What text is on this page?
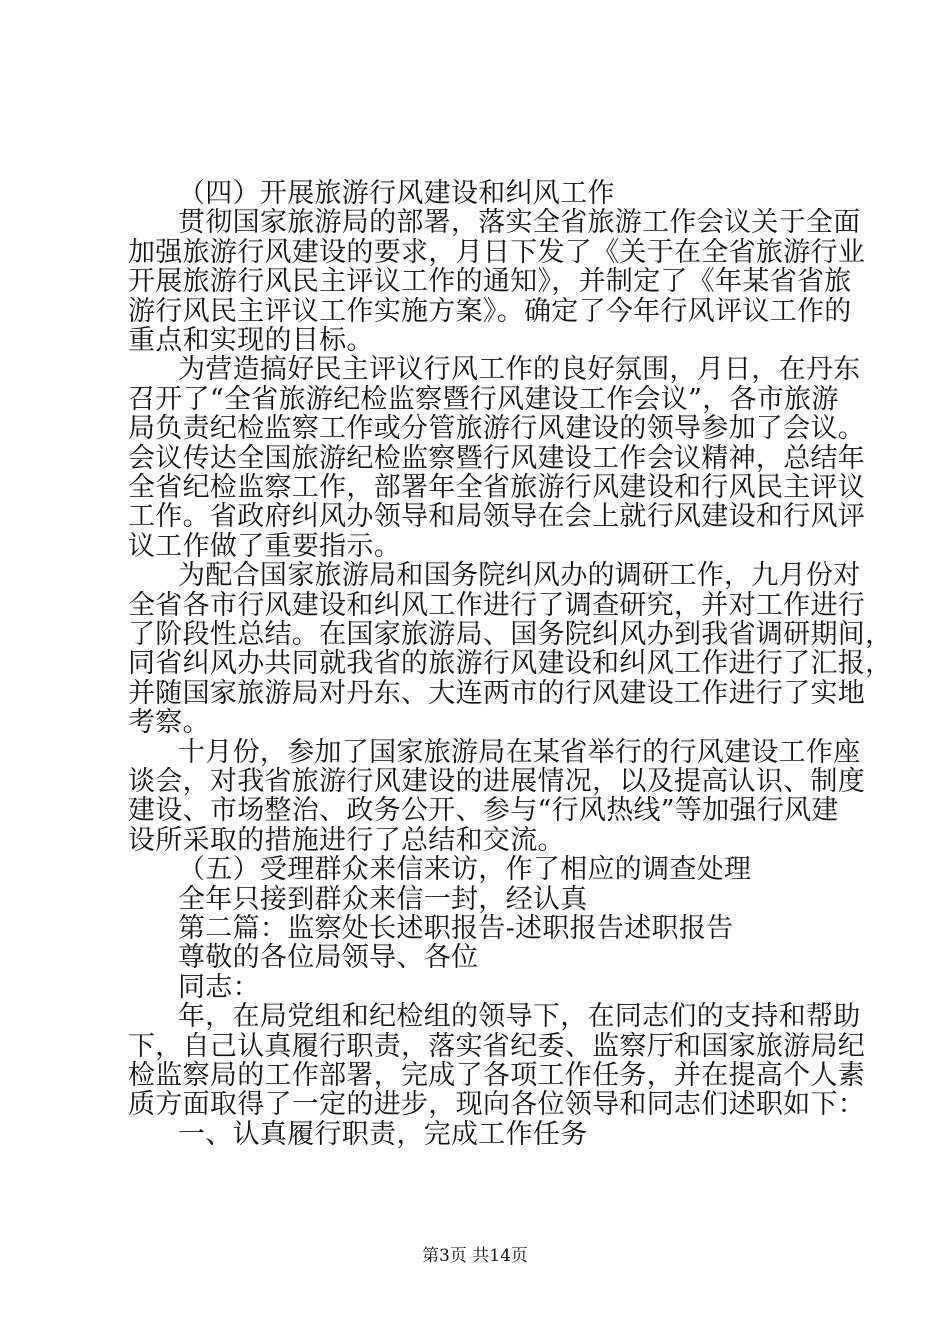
（四）开展旅游行风建设和纠风工作
贯彻国家旅游局的部署，落实全省旅游工作会议关于全面
加强旅游行风建设的要求，月日下发了《关于在全省旅游行业
开展旅游行风民主评议工作的通知》，并制定了《年某省省旅
游行风民主评议工作实施方案》。确定了今年行风评议工作的
重点和实现的目标。
为营造搞好民主评议行风工作的良好氛围，月日，在丹东
召开了“全省旅游纪检监察暨行风建设工作会议”，各市旅游
局负责纪检监察工作或分管旅游行风建设的领导参加了会议。
会议传达全国旅游纪检监察暨行风建设工作会议精神，总结年
全省纪检监察工作，部署年全省旅游行风建设和行风民主评议
工作。省政府纠风办领导和局领导在会上就行风建设和行风评
议工作做了重要指示。
为配合国家旅游局和国务院纠风办的调研工作，九月份对
全省各市行风建设和纠风工作进行了调查研究，并对工作进行
了阶段性总结。在国家旅游局、国务院纠风办到我省调研期间，
同省纠风办共同就我省的旅游行风建设和纠风工作进行了汇报，
并随国家旅游局对丹东、大连两市的行风建设工作进行了实地
考察。
十月份，参加了国家旅游局在某省举行的行风建设工作座
谈会，对我省旅游行风建设的进展情况，以及提高认识、制度
建设、市场整治、政务公开、参与“行风热线”等加强行风建
设所采取的措施进行了总结和交流。
（五）受理群众来信来访，作了相应的调查处理
全年只接到群众来信一封，经认真
第二篇：监察处长述职报告-述职报告述职报告
尊敬的各位局领导、各位
同志：
年，在局党组和纪检组的领导下，在同志们的支持和帮助
下，自己认真履行职责，落实省纪委、监察厅和国家旅游局纪
检监察局的工作部署，完成了各项工作任务，并在提高个人素
质方面取得了一定的进步，现向各位领导和同志们述职如下：
一、认真履行职责，完成工作任务
第3页 共14页
